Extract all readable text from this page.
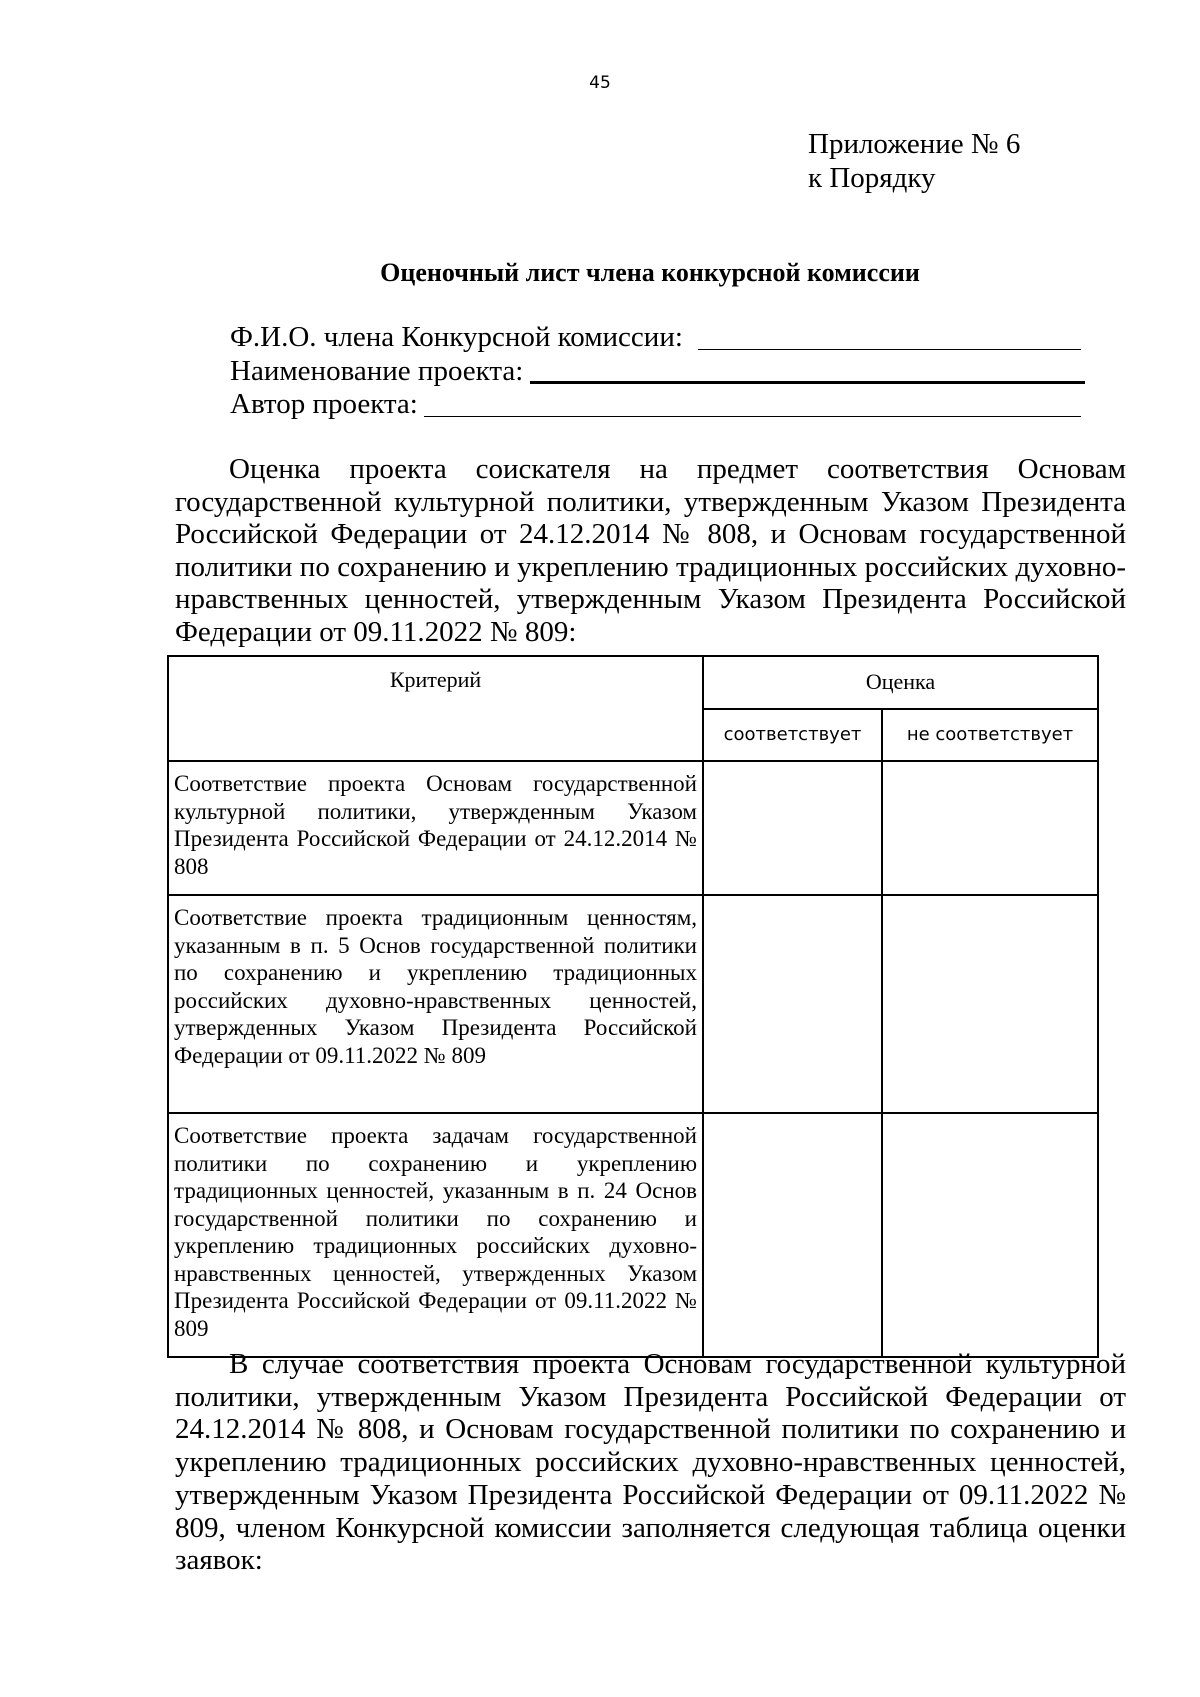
45
Приложение № 6
к Порядку
Оценочный лист члена конкурсной комиссии
Ф.И.О. члена Конкурсной комиссии:
Наименование проекта:
Автор проекта:
Оценка проекта соискателя на предмет соответствия Основам государственной культурной политики, утвержденным Указом Президента Российской Федерации от 24.12.2014 № 808, и Основам государственной политики по сохранению и укреплению традиционных российских духовно-нравственных ценностей, утвержденным Указом Президента Российской Федерации от 09.11.2022 № 809:
Критерий	Оценка	
	соответствует	не соответствует
Соответствие проекта Основам государственной культурной политики, утвержденным Указом Президента Российской Федерации от 24.12.2014 № 808		
Соответствие проекта традиционным ценностям, указанным в п. 5 Основ государственной политики по сохранению и укреплению традиционных российских духовно-нравственных ценностей, утвержденных Указом Президента Российской Федерации от 09.11.2022 № 809		
Соответствие проекта задачам государственной политики по сохранению и укреплению традиционных ценностей, указанным в п. 24 Основ государственной политики по сохранению и укреплению традиционных российских духовно-нравственных ценностей, утвержденных Указом Президента Российской Федерации от 09.11.2022 № 809		
В случае соответствия проекта Основам государственной культурной политики, утвержденным Указом Президента Российской Федерации от 24.12.2014 № 808, и Основам государственной политики по сохранению и укреплению традиционных российских духовно-нравственных ценностей, утвержденным Указом Президента Российской Федерации от 09.11.2022 № 809, членом Конкурсной комиссии заполняется следующая таблица оценки заявок:
